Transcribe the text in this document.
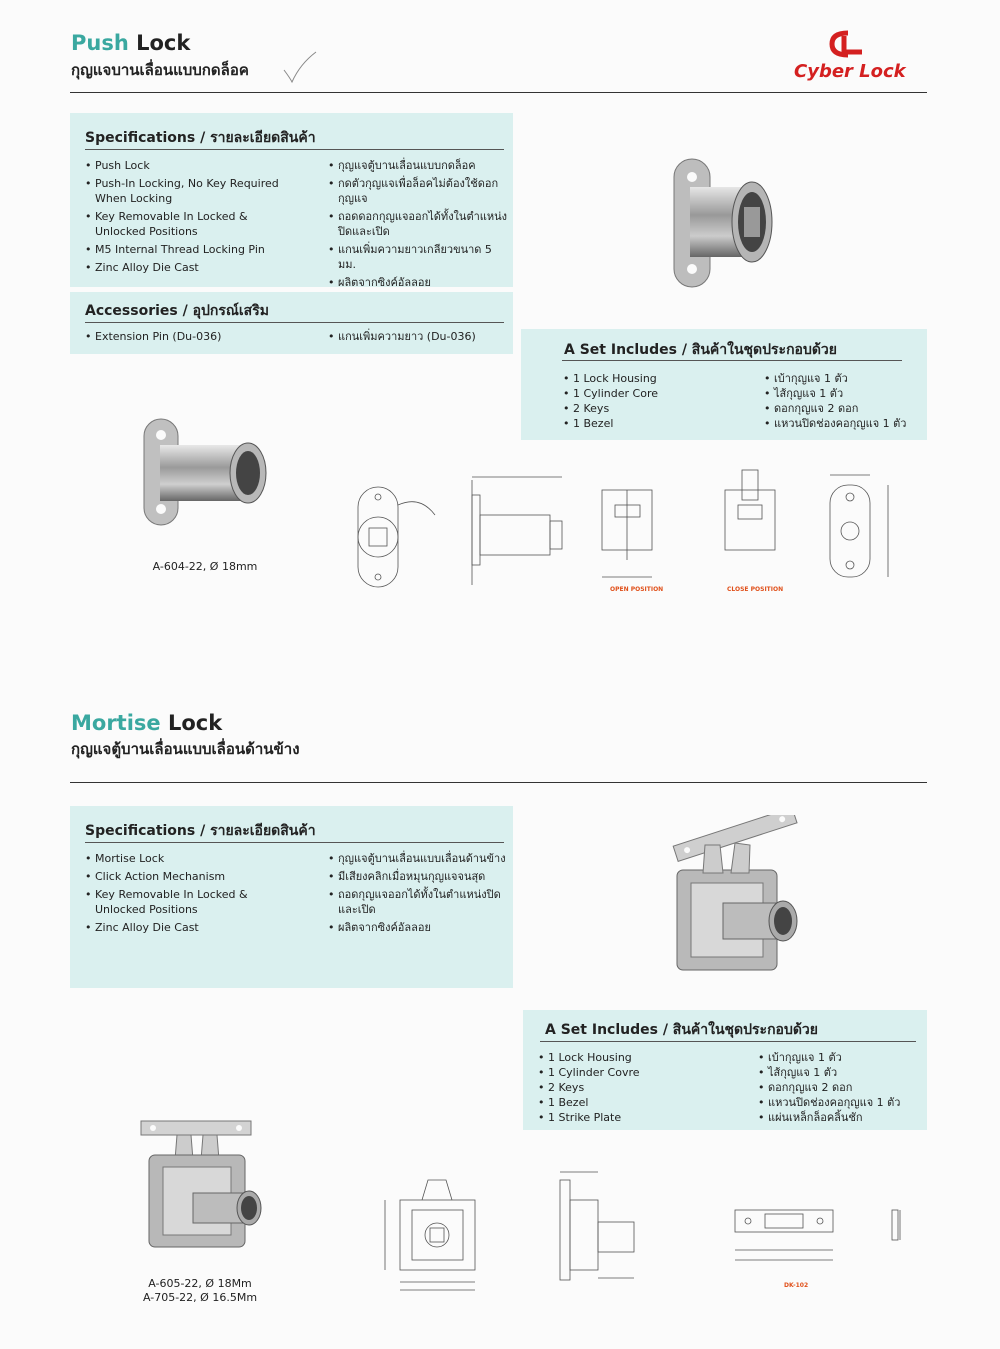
Push Lock
กุญแจบานเลื่อนแบบกดล็อค	Cyber Lock
Specifications / รายละเอียดสินค้า
• Push Lock
• Push-In Locking, No Key Required When Locking
• Key Removable In Locked & Unlocked Positions
• M5 Internal Thread Locking Pin
• Zinc Alloy Die Cast
• กุญแจตู้บานเลื่อนแบบกดล็อค
• กดตัวกุญแจเพื่อล็อคไม่ต้องใช้ดอกกุญแจ
• ถอดดอกกุญแจออกได้ทั้งในตำแหน่งปิดและเปิด
• แกนเพิ่มความยาวเกลียวขนาด 5 มม.
• ผลิตจากซิงค์อัลลอย
Accessories / อุปกรณ์เสริม
• Extension Pin (Du-036)
•	แกนเพิ่มความยาว (Du-036)
A Set Includes / สินค้าในชุดประกอบด้วย
• 1 Lock Housing
• 1 Cylinder Core
• 2 Keys
• 1 Bezel
• เบ้ากุญแจ 1 ตัว
• ไส้กุญแจ 1 ตัว
• ดอกกุญแจ 2 ดอก
• แหวนปิดช่องคอกุญแจ 1 ตัว
A-604-22, Ø 18mm
OPEN POSITION	CLOSE POSITION
Mortise Lock
กุญแจตู้บานเลื่อนแบบเลื่อนด้านข้าง
Specifications / รายละเอียดสินค้า
• Mortise Lock
• Click Action Mechanism
• Key Removable In Locked & Unlocked Positions
• Zinc Alloy Die Cast
• กุญแจตู้บานเลื่อนแบบเลื่อนด้านข้าง
• มีเสียงคลิกเมื่อหมุนกุญแจจนสุด
• ถอดกุญแจออกได้ทั้งในตำแหน่งปิดและเปิด
• ผลิตจากซิงค์อัลลอย
A Set Includes / สินค้าในชุดประกอบด้วย
• 1 Lock Housing
• 1 Cylinder Covre
• 2 Keys
• 1 Bezel
• 1 Strike Plate
• เบ้ากุญแจ 1 ตัว
• ไส้กุญแจ 1 ตัว
• ดอกกุญแจ 2 ดอก
• แหวนปิดช่องคอกุญแจ 1 ตัว
• แผ่นเหล็กล็อคลิ้นชัก
A-605-22, Ø 18Mm
A-705-22, Ø 16.5Mm
DK-102
